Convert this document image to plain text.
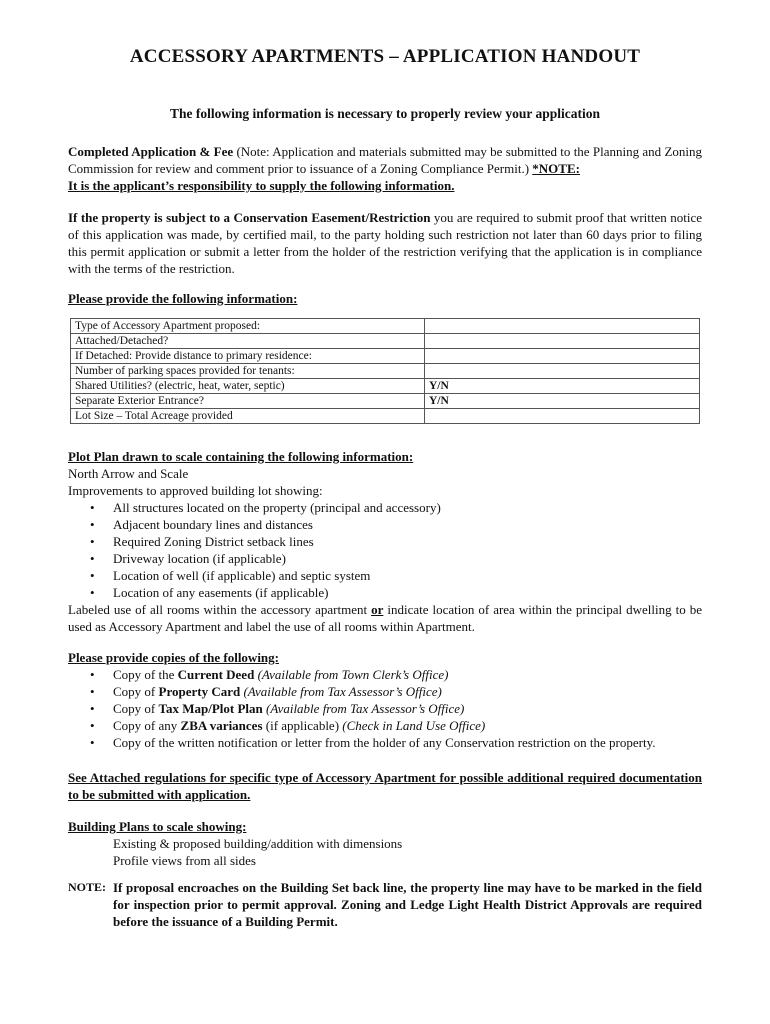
ACCESSORY APARTMENTS – APPLICATION HANDOUT
The following information is necessary to properly review your application
Completed Application & Fee (Note: Application and materials submitted may be submitted to the Planning and Zoning Commission for review and comment prior to issuance of a Zoning Compliance Permit.) *NOTE:
It is the applicant’s responsibility to supply the following information.
If the property is subject to a Conservation Easement/Restriction you are required to submit proof that written notice of this application was made, by certified mail, to the party holding such restriction not later than 60 days prior to filing this permit application or submit a letter from the holder of the restriction verifying that the application is in compliance with the terms of the restriction.
Please provide the following information:
Type of Accessory Apartment proposed:	
Attached/Detached?	
If Detached: Provide distance to primary residence:	
Number of parking spaces provided for tenants:	
Shared Utilities? (electric, heat, water, septic)	Y/N
Separate Exterior Entrance?	Y/N
Lot Size – Total Acreage provided	
Plot Plan drawn to scale containing the following information:
North Arrow and Scale
Improvements to approved building lot showing:
• All structures located on the property (principal and accessory)
• Adjacent boundary lines and distances
• Required Zoning District setback lines
• Driveway location (if applicable)
• Location of well (if applicable) and septic system
• Location of any easements (if applicable)
Labeled use of all rooms within the accessory apartment or indicate location of area within the principal dwelling to be used as Accessory Apartment and label the use of all rooms within Apartment.
Please provide copies of the following:
• Copy of the Current Deed (Available from Town Clerk’s Office)
• Copy of Property Card (Available from Tax Assessor’s Office)
• Copy of Tax Map/Plot Plan (Available from Tax Assessor’s Office)
• Copy of any ZBA variances (if applicable) (Check in Land Use Office)
• Copy of the written notification or letter from the holder of any Conservation restriction on the property.
See Attached regulations for specific type of Accessory Apartment for possible additional required documentation to be submitted with application.
Building Plans to scale showing:
Existing & proposed building/addition with dimensions
Profile views from all sides
NOTE: If proposal encroaches on the Building Set back line, the property line may have to be marked in the field for inspection prior to permit approval. Zoning and Ledge Light Health District Approvals are required before the issuance of a Building Permit.
